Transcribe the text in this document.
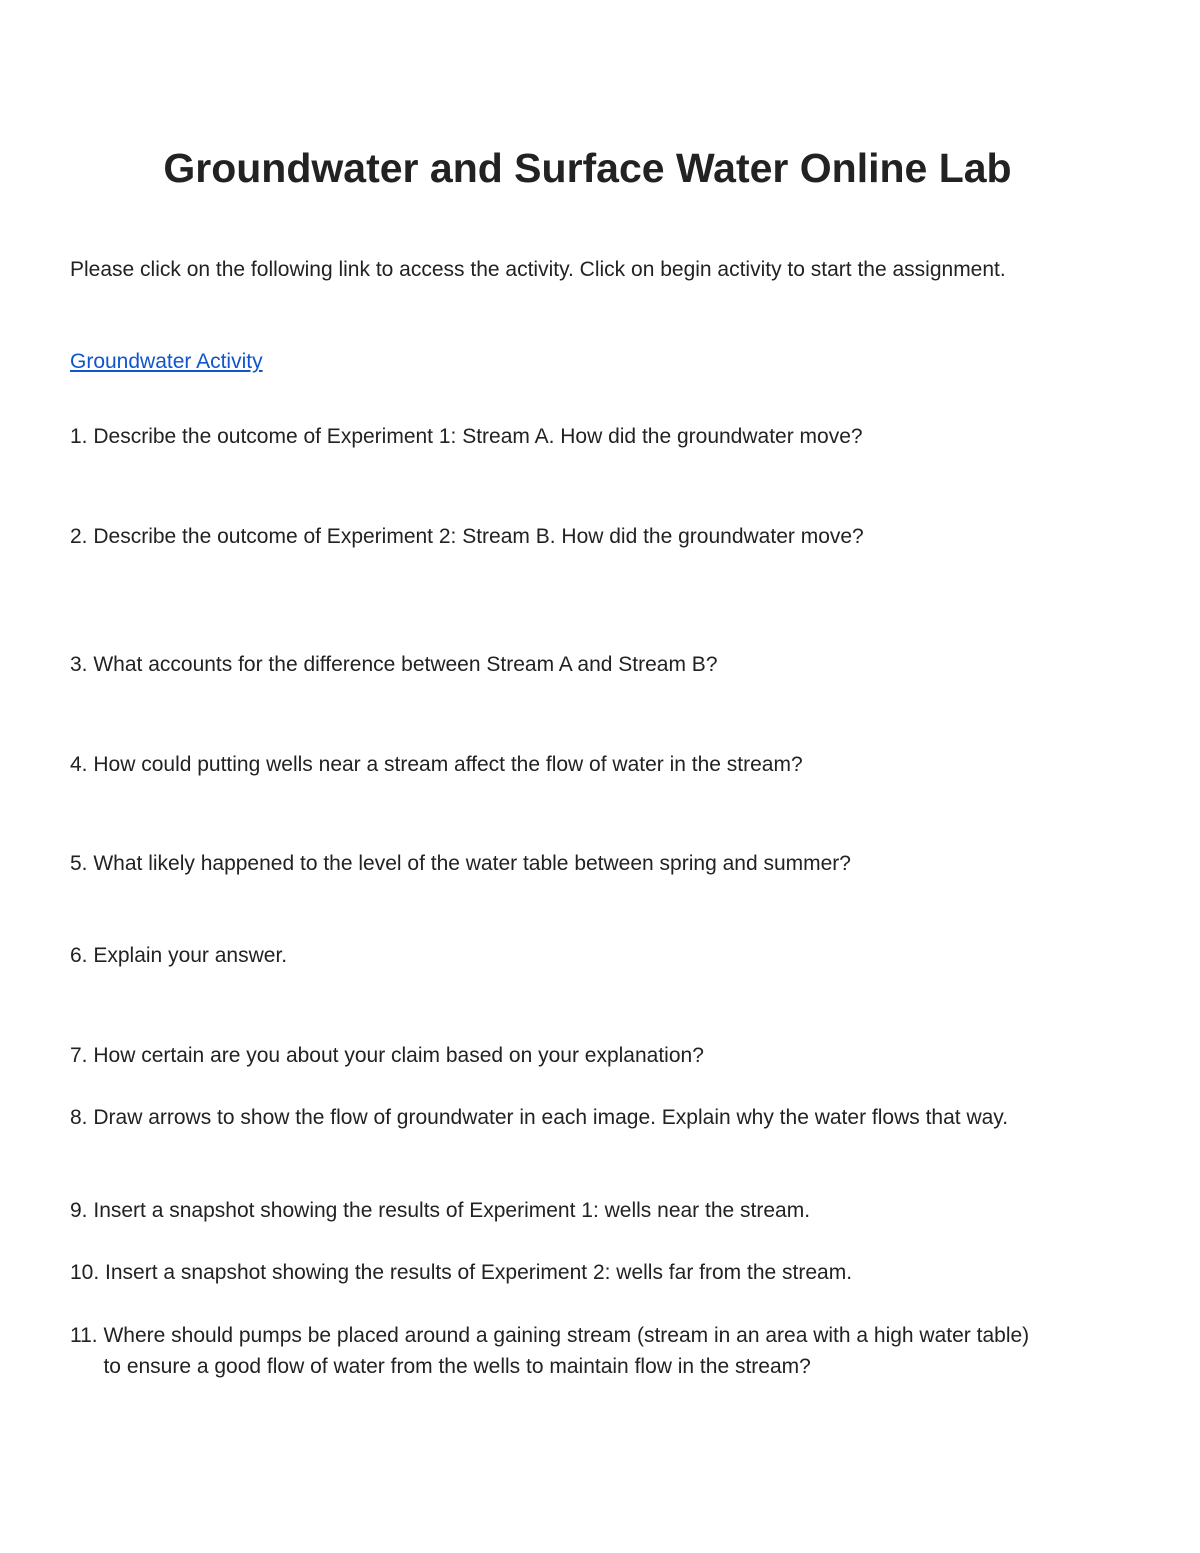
Groundwater and Surface Water Online Lab

Please click on the following link to access the activity. Click on begin activity to start the assignment.

Groundwater Activity
1. Describe the outcome of Experiment 1: Stream A. How did the groundwater move?
2. Describe the outcome of Experiment 2: Stream B. How did the groundwater move?
3. What accounts for the difference between Stream A and Stream B?
4. How could putting wells near a stream affect the flow of water in the stream?
5. What likely happened to the level of the water table between spring and summer?
6. Explain your answer.
7. How certain are you about your claim based on your explanation?
8. Draw arrows to show the flow of groundwater in each image. Explain why the water flows that way.
9. Insert a snapshot showing the results of Experiment 1: wells near the stream.
10. Insert a snapshot showing the results of Experiment 2: wells far from the stream.
11. Where should pumps be placed around a gaining stream (stream in an area with a high water table) to ensure a good flow of water from the wells to maintain flow in the stream?
